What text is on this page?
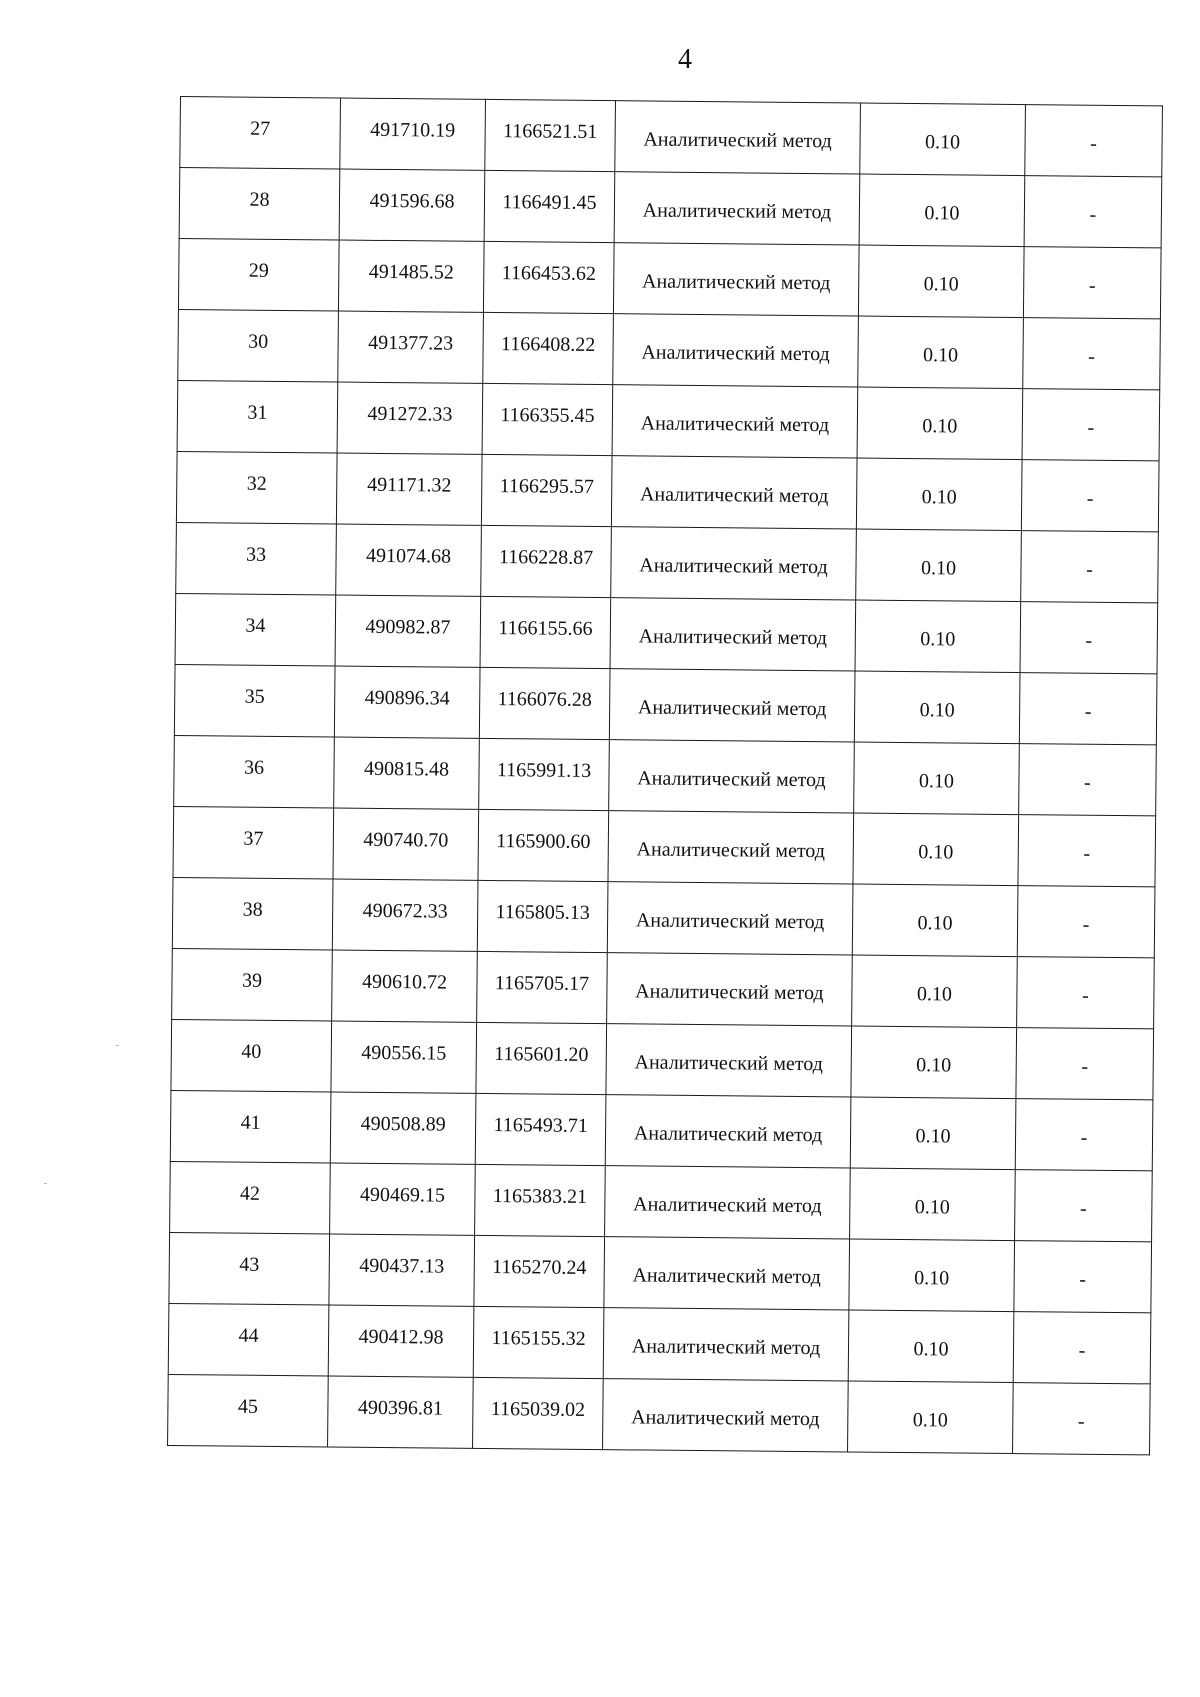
4
27	491710.19	1166521.51	Аналитический метод	0.10	-
28	491596.68	1166491.45	Аналитический метод	0.10	-
29	491485.52	1166453.62	Аналитический метод	0.10	-
30	491377.23	1166408.22	Аналитический метод	0.10	-
31	491272.33	1166355.45	Аналитический метод	0.10	-
32	491171.32	1166295.57	Аналитический метод	0.10	-
33	491074.68	1166228.87	Аналитический метод	0.10	-
34	490982.87	1166155.66	Аналитический метод	0.10	-
35	490896.34	1166076.28	Аналитический метод	0.10	-
36	490815.48	1165991.13	Аналитический метод	0.10	-
37	490740.70	1165900.60	Аналитический метод	0.10	-
38	490672.33	1165805.13	Аналитический метод	0.10	-
39	490610.72	1165705.17	Аналитический метод	0.10	-
40	490556.15	1165601.20	Аналитический метод	0.10	-
41	490508.89	1165493.71	Аналитический метод	0.10	-
42	490469.15	1165383.21	Аналитический метод	0.10	-
43	490437.13	1165270.24	Аналитический метод	0.10	-
44	490412.98	1165155.32	Аналитический метод	0.10	-
45	490396.81	1165039.02	Аналитический метод	0.10	-
